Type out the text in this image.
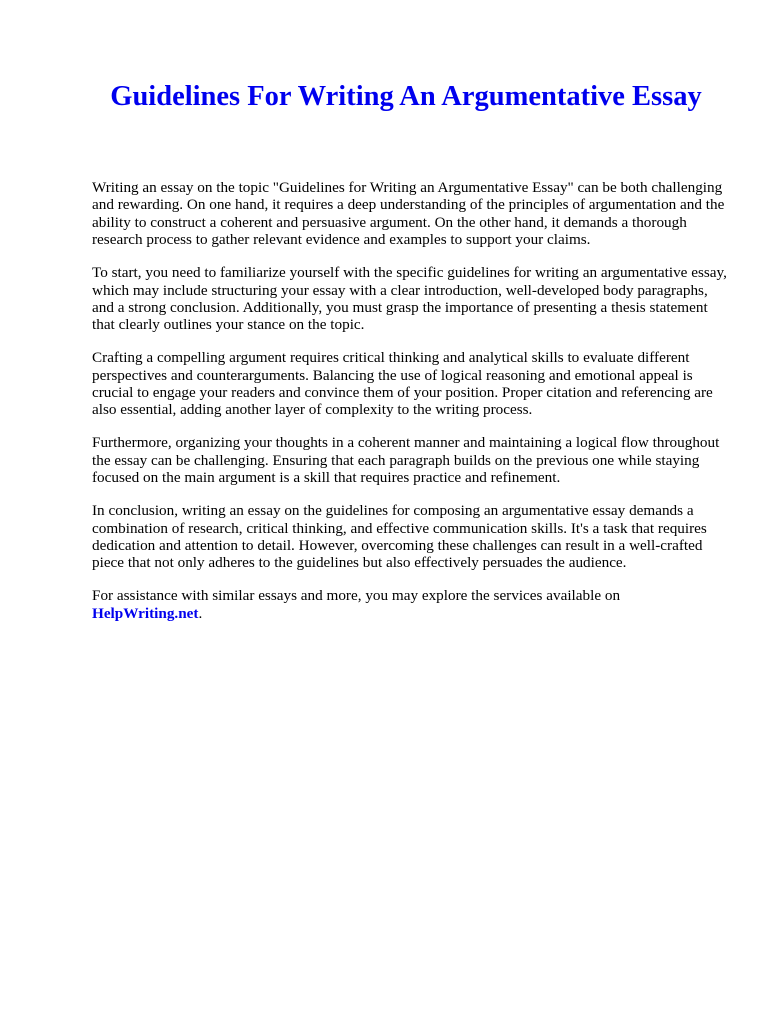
Guidelines For Writing An Argumentative Essay

Writing an essay on the topic "Guidelines for Writing an Argumentative Essay" can be both challenging and rewarding. On one hand, it requires a deep understanding of the principles of argumentation and the ability to construct a coherent and persuasive argument. On the other hand, it demands a thorough research process to gather relevant evidence and examples to support your claims.

To start, you need to familiarize yourself with the specific guidelines for writing an argumentative essay, which may include structuring your essay with a clear introduction, well-developed body paragraphs, and a strong conclusion. Additionally, you must grasp the importance of presenting a thesis statement that clearly outlines your stance on the topic.

Crafting a compelling argument requires critical thinking and analytical skills to evaluate different perspectives and counterarguments. Balancing the use of logical reasoning and emotional appeal is crucial to engage your readers and convince them of your position. Proper citation and referencing are also essential, adding another layer of complexity to the writing process.

Furthermore, organizing your thoughts in a coherent manner and maintaining a logical flow throughout the essay can be challenging. Ensuring that each paragraph builds on the previous one while staying focused on the main argument is a skill that requires practice and refinement.

In conclusion, writing an essay on the guidelines for composing an argumentative essay demands a combination of research, critical thinking, and effective communication skills. It's a task that requires dedication and attention to detail. However, overcoming these challenges can result in a well-crafted piece that not only adheres to the guidelines but also effectively persuades the audience.

For assistance with similar essays and more, you may explore the services available on
HelpWriting.net.
